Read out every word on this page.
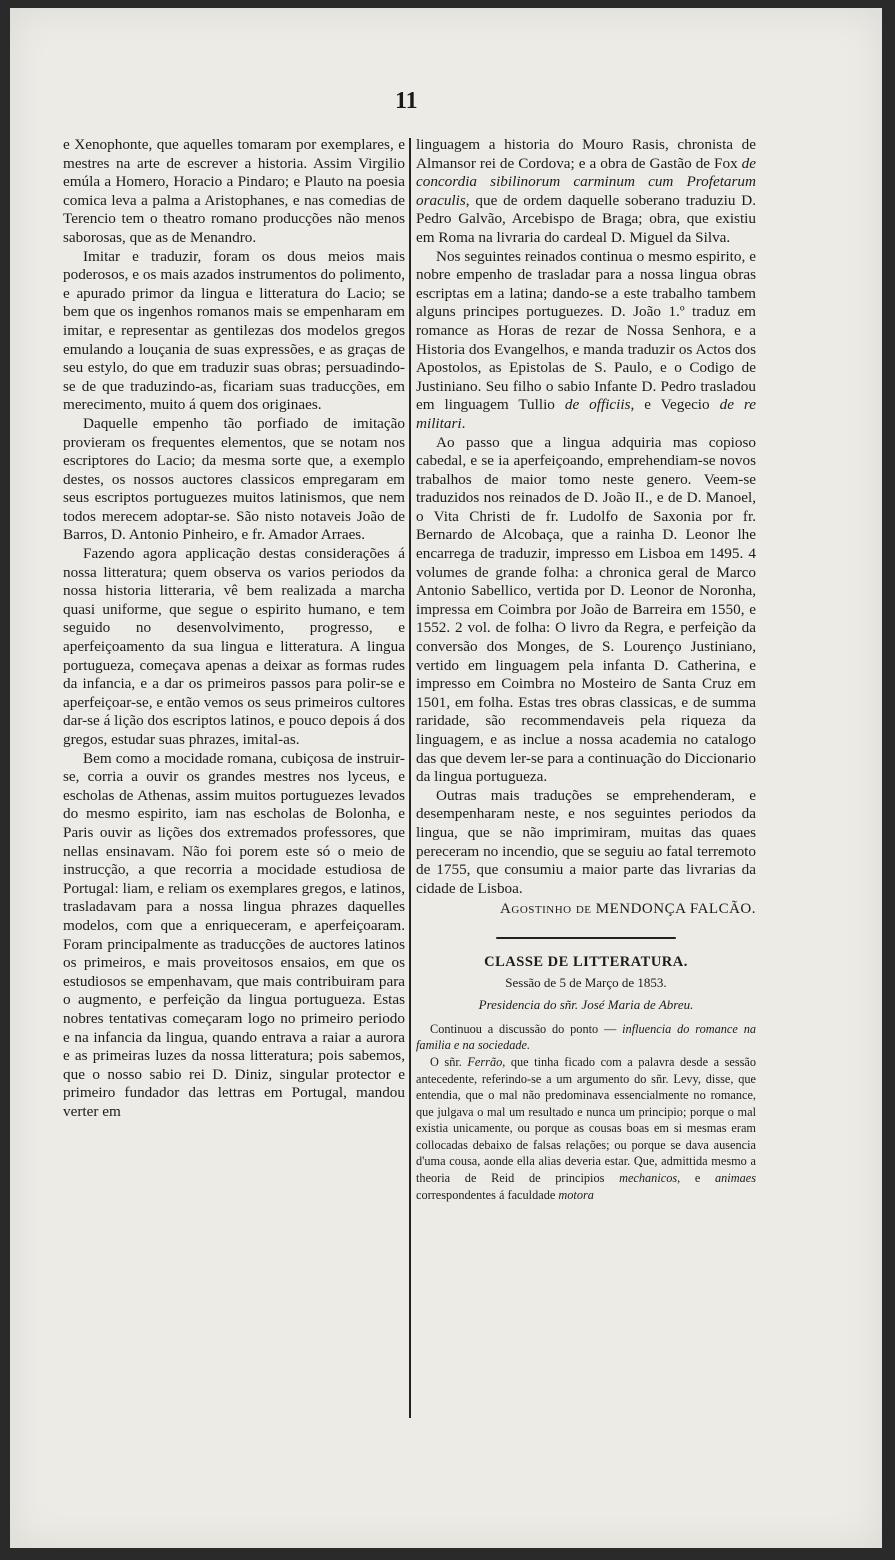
11

e Xenophonte, que aquelles tomaram por exemplares, e mestres na arte de escrever a historia. Assim Virgilio emúla a Homero, Horacio a Pindaro; e Plauto na poesia comica leva a palma a Aristophanes, e nas comedias de Terencio tem o theatro romano producções não menos saborosas, que as de Menandro.

Imitar e traduzir, foram os dous meios mais poderosos, e os mais azados instrumentos do polimento, e apurado primor da lingua e litteratura do Lacio; se bem que os ingenhos romanos mais se empenharam em imitar, e representar as gentilezas dos modelos gregos emulando a louçania de suas expressões, e as graças de seu estylo, do que em traduzir suas obras; persuadindo-se de que traduzindo-as, ficariam suas traducções, em merecimento, muito á quem dos originaes.

Daquelle empenho tão porfiado de imitação provieram os frequentes elementos, que se notam nos escriptores do Lacio; da mesma sorte que, a exemplo destes, os nossos auctores classicos empregaram em seus escriptos portuguezes muitos latinismos, que nem todos merecem adoptar-se. São nisto notaveis João de Barros, D. Antonio Pinheiro, e fr. Amador Arraes.

Fazendo agora applicação destas considerações á nossa litteratura; quem observa os varios periodos da nossa historia litteraria, vê bem realizada a marcha quasi uniforme, que segue o espirito humano, e tem seguido no desenvolvimento, progresso, e aperfeiçoamento da sua lingua e litteratura. A lingua portugueza, começava apenas a deixar as formas rudes da infancia, e a dar os primeiros passos para polir-se e aperfeiçoar-se, e então vemos os seus primeiros cultores dar-se á lição dos escriptos latinos, e pouco depois á dos gregos, estudar suas phrazes, imital-as.

Bem como a mocidade romana, cubiçosa de instruir-se, corria a ouvir os grandes mestres nos lyceus, e escholas de Athenas, assim muitos portuguezes levados do mesmo espirito, iam nas escholas de Bolonha, e Paris ouvir as lições dos extremados professores, que nellas ensinavam. Não foi porem este só o meio de instrucção, a que recorria a mocidade estudiosa de Portugal: liam, e reliam os exemplares gregos, e latinos, trasladavam para a nossa lingua phrazes daquelles modelos, com que a enriqueceram, e aperfeiçoaram. Foram principalmente as traducções de auctores latinos os primeiros, e mais proveitosos ensaios, em que os estudiosos se empenhavam, que mais contribuiram para o augmento, e perfeição da lingua portugueza. Estas nobres tentativas começaram logo no primeiro periodo e na infancia da lingua, quando entrava a raiar a aurora e as primeiras luzes da nossa litteratura; pois sabemos, que o nosso sabio rei D. Diniz, singular protector e primeiro fundador das lettras em Portugal, mandou verter em

linguagem a historia do Mouro Rasis, chronista de Almansor rei de Cordova; e a obra de Gastão de Fox de concordia sibilinorum carminum cum Profetarum oraculis, que de ordem daquelle soberano traduziu D. Pedro Galvão, Arcebispo de Braga; obra, que existiu em Roma na livraria do cardeal D. Miguel da Silva.

Nos seguintes reinados continua o mesmo espirito, e nobre empenho de trasladar para a nossa lingua obras escriptas em a latina; dando-se a este trabalho tambem alguns principes portuguezes. D. João 1.º traduz em romance as Horas de rezar de Nossa Senhora, e a Historia dos Evangelhos, e manda traduzir os Actos dos Apostolos, as Epistolas de S. Paulo, e o Codigo de Justiniano. Seu filho o sabio Infante D. Pedro trasladou em linguagem Tullio de officiis, e Vegecio de re militari.

Ao passo que a lingua adquiria mas copioso cabedal, e se ia aperfeiçoando, emprehendiam-se novos trabalhos de maior tomo neste genero. Veem-se traduzidos nos reinados de D. João II., e de D. Manoel, o Vita Christi de fr. Ludolfo de Saxonia por fr. Bernardo de Alcobaça, que a rainha D. Leonor lhe encarrega de traduzir, impresso em Lisboa em 1495. 4 volumes de grande folha: a chronica geral de Marco Antonio Sabellico, vertida por D. Leonor de Noronha, impressa em Coimbra por João de Barreira em 1550, e 1552. 2 vol. de folha: O livro da Regra, e perfeição da conversão dos Monges, de S. Lourenço Justiniano, vertido em linguagem pela infanta D. Catherina, e impresso em Coimbra no Mosteiro de Santa Cruz em 1501, em folha. Estas tres obras classicas, e de summa raridade, são recommendaveis pela riqueza da linguagem, e as inclue a nossa academia no catalogo das que devem ler-se para a continuação do Diccionario da lingua portugueza.

Outras mais traduções se emprehenderam, e desempenharam neste, e nos seguintes periodos da lingua, que se não imprimiram, muitas das quaes pereceram no incendio, que se seguiu ao fatal terremoto de 1755, que consumiu a maior parte das livrarias da cidade de Lisboa.

Agostinho de MENDONÇA FALCÃO.
CLASSE DE LITTERATURA.
Sessão de 5 de Março de 1853.
Presidencia do sñr. José Maria de Abreu.

Continuou a discussão do ponto — influencia do romance na familia e na sociedade.

O sñr. Ferrão, que tinha ficado com a palavra desde a sessão antecedente, referindo-se a um argumento do sñr. Levy, disse, que entendia, que o mal não predominava essencialmente no romance, que julgava o mal um resultado e nunca um principio; porque o mal existia unicamente, ou porque as cousas boas em si mesmas eram collocadas debaixo de falsas relações; ou porque se dava ausencia d'uma cousa, aonde ella alias deveria estar. Que, admittida mesmo a theoria de Reid de principios mechanicos, e animaes correspondentes á faculdade motora
